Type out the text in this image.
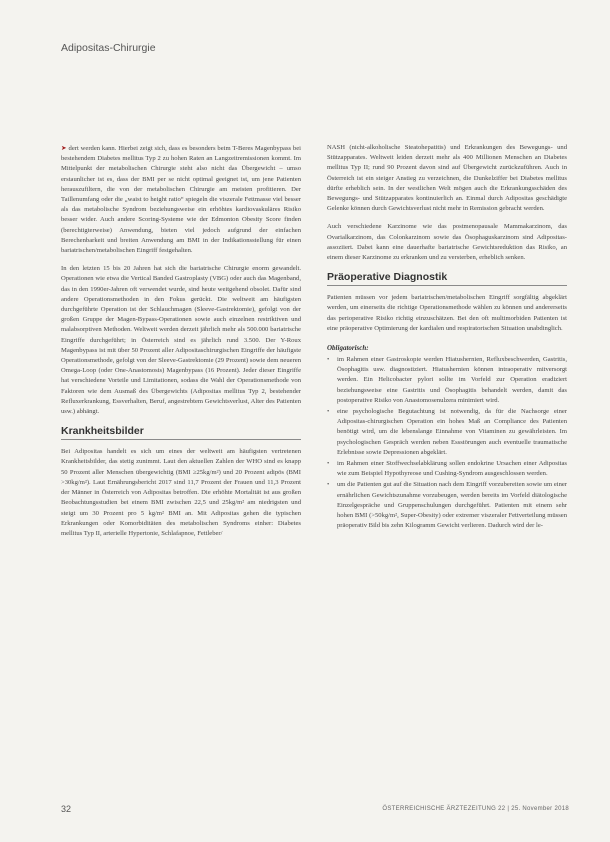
Adipositas-Chirurgie

➤ dert werden kann. Hierbei zeigt sich, dass es besonders beim T-Beres Magenbypass bei bestehendem Diabetes mellitus Typ 2 zu hohen Raten an Langzeitremissionen kommt. Im Mittelpunkt der metabolischen Chirurgie steht also nicht das Übergewicht – umso erstaunlicher ist es, dass der BMI per se nicht optimal geeignet ist, um jene Patienten herauszufiltern, die von der metabolischen Chirurgie am meisten profitieren. Der Taillenumfang oder die „waist to height ratio“ spiegeln die viszerale Fettmasse viel besser als das metabolische Syndrom beziehungsweise ein erhöhtes kardiovaskuläres Risiko besser wider. Auch andere Scoring-Systeme wie der Edmonton Obesity Score finden (berechtigterweise) Anwendung, bieten viel jedoch aufgrund der einfachen Berechenbarkeit und breiten Anwendung am BMI in der Indikationsstellung für einen bariatrischen/metabolischen Eingriff festgehalten.

In den letzten 15 bis 20 Jahren hat sich die bariatrische Chirurgie enorm gewandelt. Operationen wie etwa die Vertical Banded Gastroplasty (VBG) oder auch das Magenband, das in den 1990er-Jahren oft verwendet wurde, sind heute weitgehend obsolet. Dafür sind andere Operationsmethoden in den Fokus gerückt. Die weltweit am häufigsten durchgeführte Operation ist der Schlauchmagen (Sleeve-Gastrektomie), gefolgt von der großen Gruppe der Magen-Bypass-Operationen sowie auch einzelnen restriktiven und malabsorptiven Methoden. Weltweit werden derzeit jährlich mehr als 500.000 bariatrische Eingriffe durchgeführt; in Österreich sind es jährlich rund 3.500. Der Y-Roux Magenbypass ist mit über 50 Prozent aller Adipositaschirurgischen Eingriffe der häufigste Operationsmethode, gefolgt von der Sleeve-Gastrektomie (29 Prozent) sowie dem neueren Omega-Loop (oder One-Anastomosis) Magenbypass (16 Prozent). Jeder dieser Eingriffe hat verschiedene Vorteile und Limitationen, sodass die Wahl der Operationsmethode von Faktoren wie dem Ausmaß des Übergewichts (Adipositas mellitus Typ 2, bestehender Refluxerkrankung, Essverhalten, Beruf, angestrebtem Gewichtsverlust, Alter des Patienten usw.) abhängt.

Krankheitsbilder

Bei Adipositas handelt es sich um eines der weltweit am häufigsten vertretenen Krankheitsbilder, das stetig zunimmt. Laut den aktuellen Zahlen der WHO sind es knapp 50 Prozent aller Menschen übergewichtig (BMI ≥25kg/m²) und 20 Prozent adipös (BMI >30kg/m²). Laut Ernährungsbericht 2017 sind 11,7 Prozent der Frauen und 11,3 Prozent der Männer in Österreich von Adipositas betroffen. Die erhöhte Mortalität ist aus großen Beobachtungsstudien bei einem BMI zwischen 22,5 und 25kg/m² am niedrigsten und steigt um 30 Prozent pro 5 kg/m² BMI an. Mit Adipositas gehen die typischen Erkrankungen oder Komorbiditäten des metabolischen Syndroms einher: Diabetes mellitus Typ II, arterielle Hypertonie, Schlafapnoe, Fettleber/

NASH (nicht-alkoholische Steatohepatitis) und Erkrankungen des Bewegungs- und Stützapparates. Weltweit leiden derzeit mehr als 400 Millionen Menschen an Diabetes mellitus Typ II; rund 90 Prozent davon sind auf Übergewicht zurückzuführen. Auch in Österreich ist ein steiger Anstieg zu verzeichnen, die Dunkelziffer bei Diabetes mellitus dürfte erheblich sein. In der westlichen Welt mögen auch die Erkrankungsschäden des Bewegungs- und Stützapparates kontinuierlich an. Einmal durch Adipositas geschädigte Gelenke können durch Gewichtsverlust nicht mehr in Remission gebracht werden.

Auch verschiedene Karzinome wie das postmenopausale Mammakarzinom, das Ovarialkarzinom, das Colonkarzinom sowie das Ösophaguskarzinom sind Adipositas-assoziiert. Dabei kann eine dauerhafte bariatrische Gewichtsreduktion das Risiko, an einem dieser Karzinome zu erkranken und zu versterben, erheblich senken.

Präoperative Diagnostik

Patienten müssen vor jedem bariatrischen/metabolischen Eingriff sorgfältig abgeklärt werden, um einerseits die richtige Operationsmethode wählen zu können und andererseits das perioperative Risiko richtig einzuschätzen. Bei den oft multimorbiden Patienten ist eine präoperative Optimierung der kardialen und respiratorischen Situation unabdinglich.

Obligatorisch:
• im Rahmen einer Gastroskopie werden Hiatushernien, Refluxbeschwerden, Gastritis, Ösophagitis usw. diagnostiziert. Hiatushernien können intraoperativ mitversorgt werden. Ein Helicobacter pylori sollte im Vorfeld zur Operation eradiziert beziehungsweise eine Gastritis und Ösophagitis behandelt werden, damit das postoperative Risiko von Anastomosenulzera minimiert wird.
• eine psychologische Begutachtung ist notwendig, da für die Nachsorge einer Adipositas-chirurgischen Operation ein hohes Maß an Compliance des Patienten benötigt wird, um die lebenslange Einnahme von Vitaminen zu gewährleisten. Im psychologischen Gespräch werden neben Essstörungen auch eventuelle traumatische Erlebnisse sowie Depressionen abgeklärt.
• im Rahmen einer Stoffwechselabklärung sollen endokrine Ursachen einer Adipositas wie zum Beispiel Hypothyreose und Cushing-Syndrom ausgeschlossen werden.
• um die Patienten gut auf die Situation nach dem Eingriff vorzubereiten sowie um einer ernährlichen Gewichtszunahme vorzubeugen, werden bereits im Vorfeld diätologische Einzelgespräche und Gruppenschulungen durchgeführt. Patienten mit einem sehr hohen BMI (>50kg/m², Super-Obesity) oder extremer viszeraler Fettverteilung müssen präoperativ Bild bis zehn Kilogramm Gewicht verlieren. Dadurch wird der le-
32	ÖSTERREICHISCHE ÄRZTEZEITUNG 22 | 25. November 2018
